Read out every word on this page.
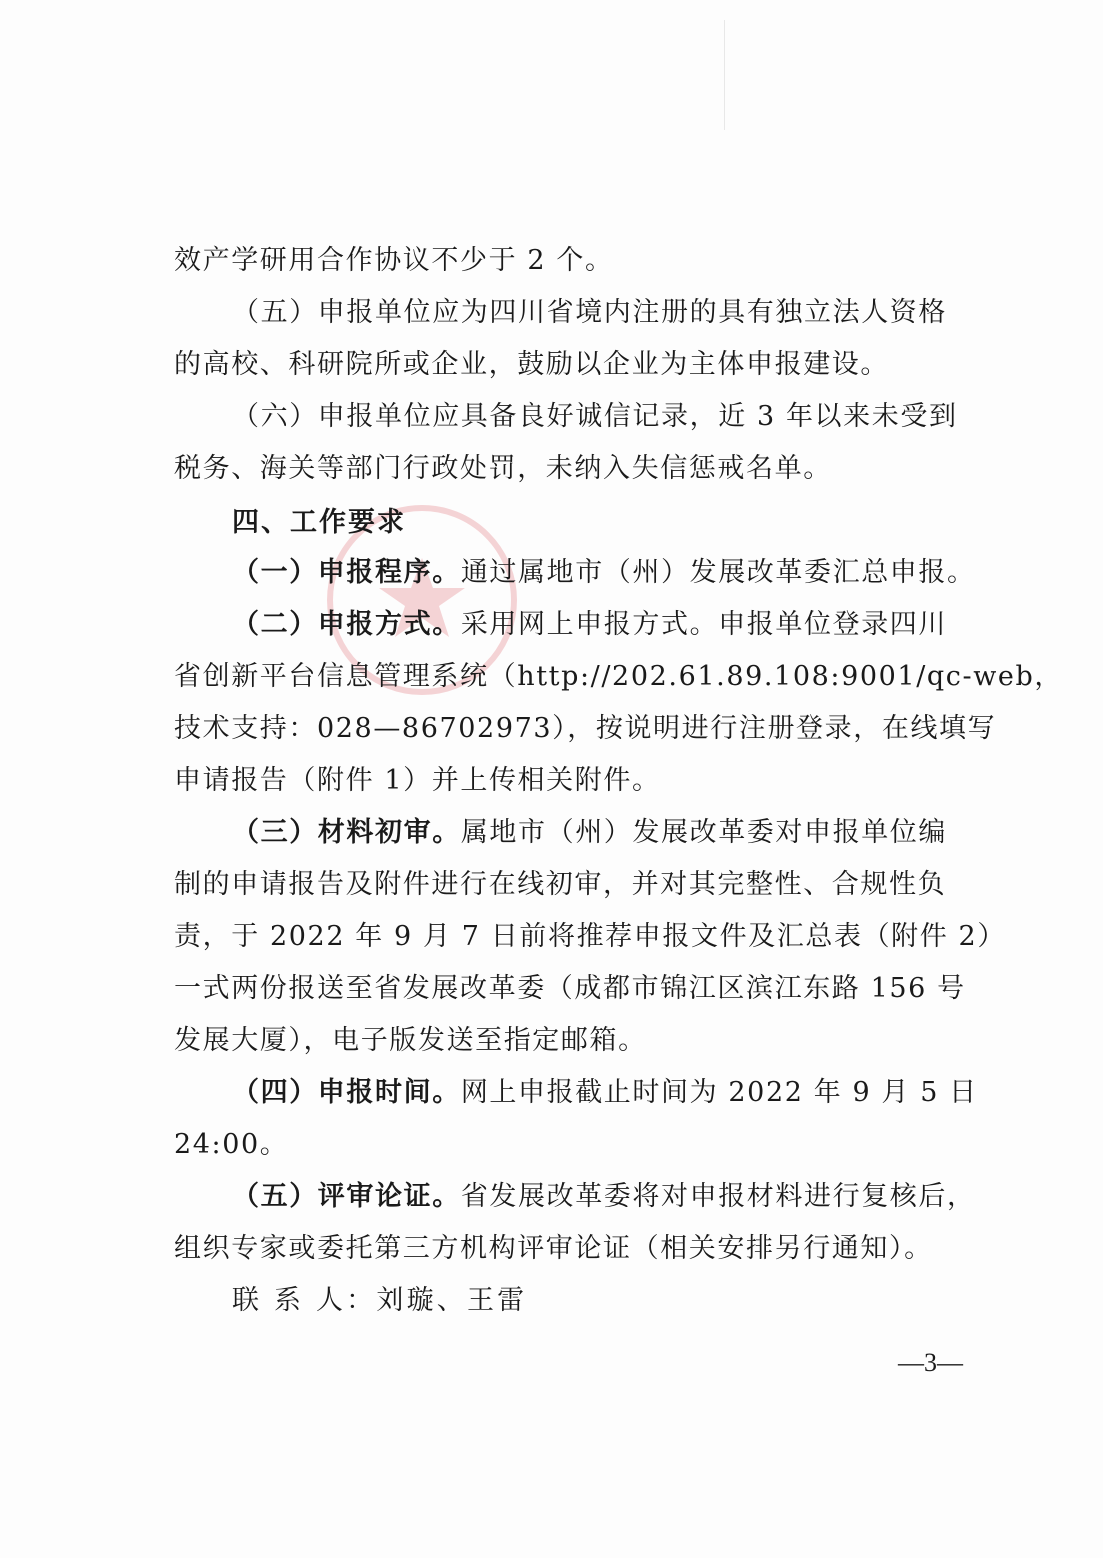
效产学研用合作协议不少于 2 个。
（五）申报单位应为四川省境内注册的具有独立法人资格
的高校、科研院所或企业，鼓励以企业为主体申报建设。
（六）申报单位应具备良好诚信记录，近 3 年以来未受到
税务、海关等部门行政处罚，未纳入失信惩戒名单。
四、工作要求
（一）申报程序。通过属地市（州）发展改革委汇总申报。
（二）申报方式。采用网上申报方式。申报单位登录四川
省创新平台信息管理系统（http://202.61.89.108:9001/qc-web，
技术支持：028—86702973），按说明进行注册登录，在线填写
申请报告（附件 1）并上传相关附件。
（三）材料初审。属地市（州）发展改革委对申报单位编
制的申请报告及附件进行在线初审，并对其完整性、合规性负
责，于 2022 年 9 月 7 日前将推荐申报文件及汇总表（附件 2）
一式两份报送至省发展改革委（成都市锦江区滨江东路 156 号
发展大厦），电子版发送至指定邮箱。
（四）申报时间。网上申报截止时间为 2022 年 9 月 5 日
24:00。
（五）评审论证。省发展改革委将对申报材料进行复核后，
组织专家或委托第三方机构评审论证（相关安排另行通知）。
联 系 人：刘璇、王雷
—3—
